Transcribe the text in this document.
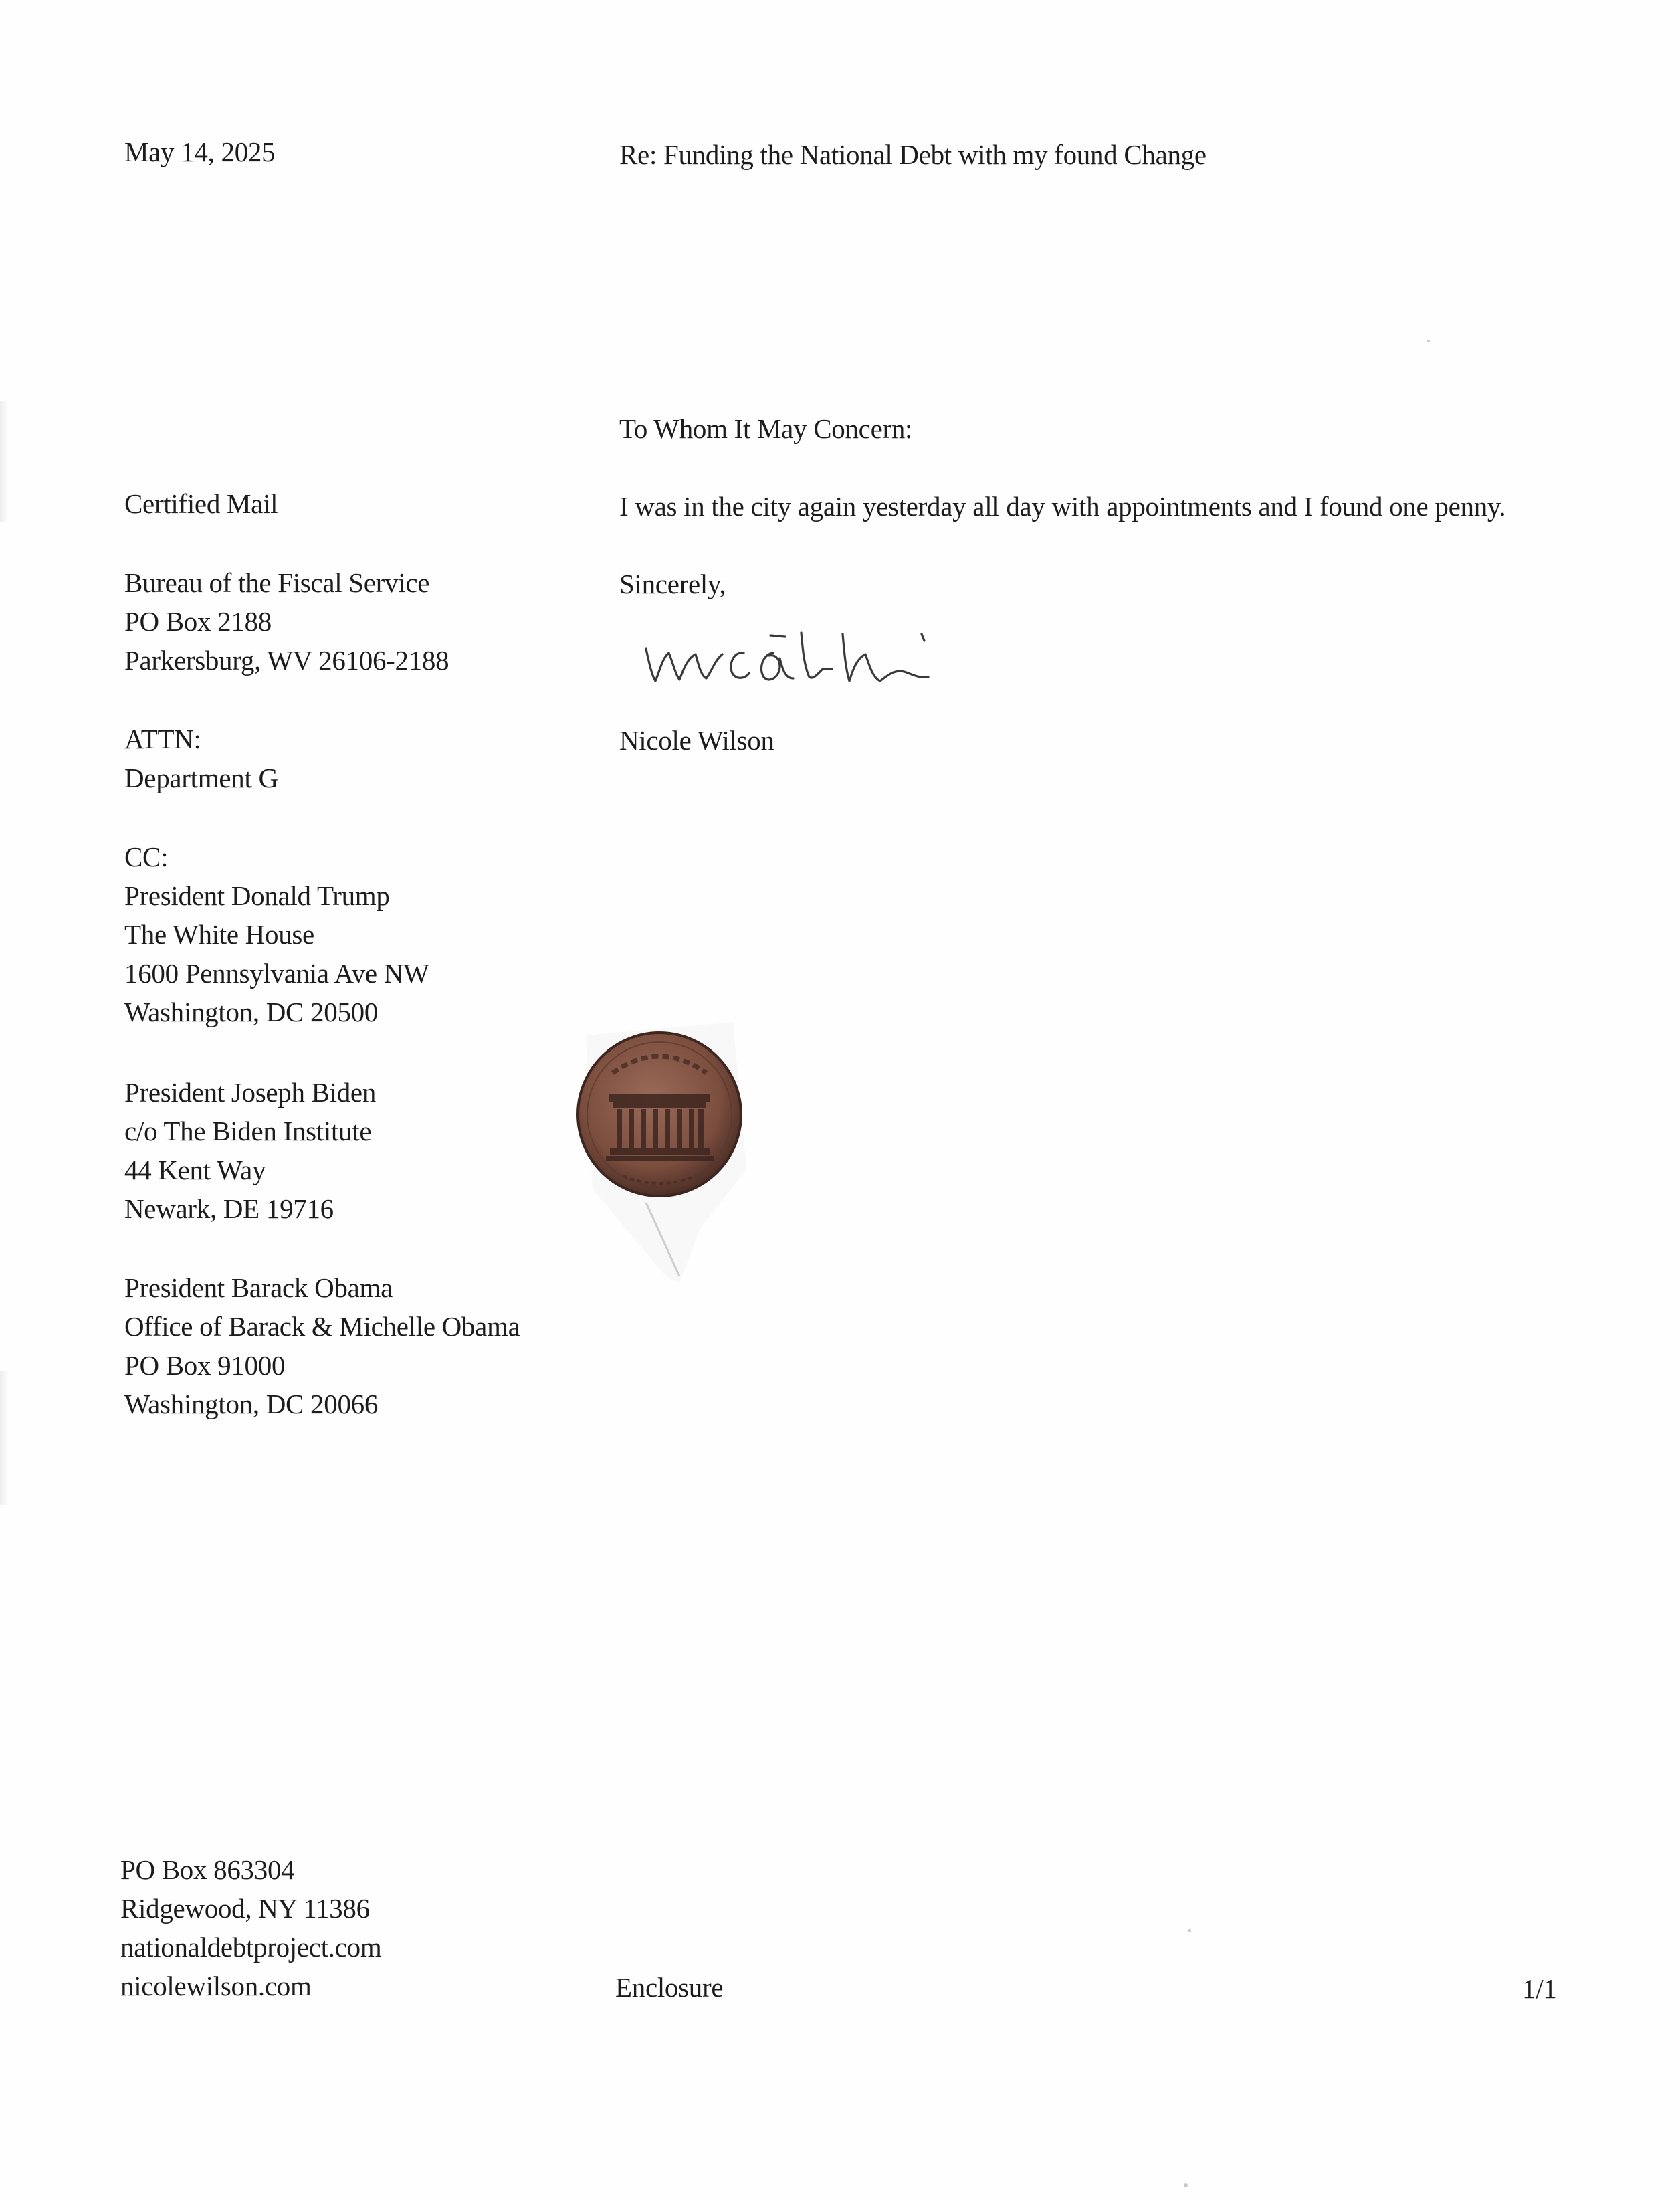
May 14, 2025	Re: Funding the National Debt with my found Change
To Whom It May Concern:
I was in the city again yesterday all day with appointments and I found one penny.
Sincerely,
Nicole Wilson
Certified Mail
Bureau of the Fiscal Service
PO Box 2188
Parkersburg, WV 26106-2188
ATTN:
Department G
CC:
President Donald Trump
The White House
1600 Pennsylvania Ave NW
Washington, DC 20500
President Joseph Biden
c/o The Biden Institute
44 Kent Way
Newark, DE 19716
President Barack Obama
Office of Barack & Michelle Obama
PO Box 91000
Washington, DC 20066
PO Box 863304
Ridgewood, NY 11386
nationaldebtproject.com
nicolewilson.com	Enclosure	1/1
